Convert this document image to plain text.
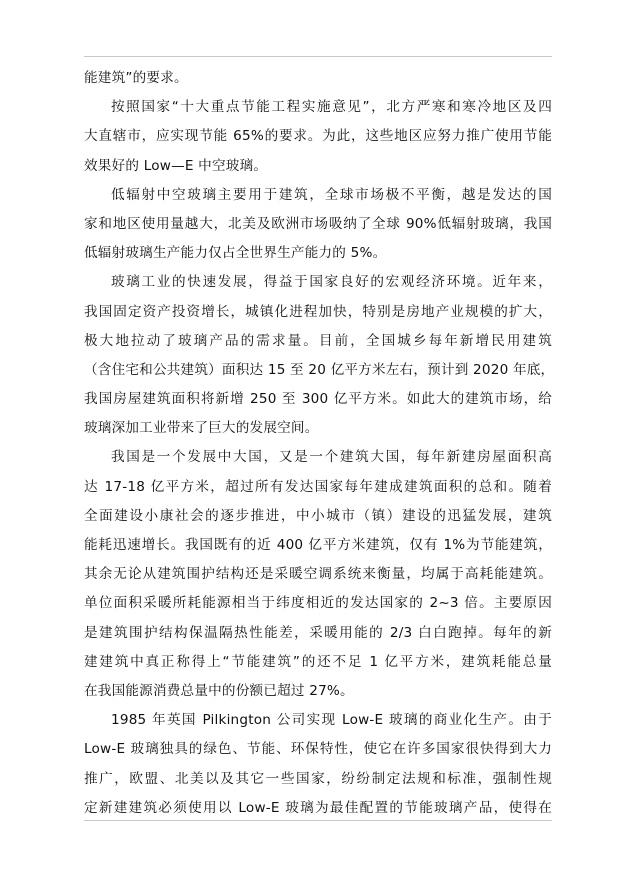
能建筑”的要求。
按照国家“十大重点节能工程实施意见”，北方严寒和寒冷地区及四
大直辖市，应实现节能 65%的要求。为此，这些地区应努力推广使用节能
效果好的 Low—E 中空玻璃。
低辐射中空玻璃主要用于建筑，全球市场极不平衡，越是发达的国
家和地区使用量越大，北美及欧洲市场吸纳了全球 90%低辐射玻璃，我国
低辐射玻璃生产能力仅占全世界生产能力的 5%。
玻璃工业的快速发展，得益于国家良好的宏观经济环境。近年来，
我国固定资产投资增长，城镇化进程加快，特别是房地产业规模的扩大，
极大地拉动了玻璃产品的需求量。目前，全国城乡每年新增民用建筑
（含住宅和公共建筑）面积达 15 至 20 亿平方米左右，预计到 2020 年底，
我国房屋建筑面积将新增 250 至 300 亿平方米。如此大的建筑市场，给
玻璃深加工业带来了巨大的发展空间。
我国是一个发展中大国，又是一个建筑大国，每年新建房屋面积高
达 17-18 亿平方米，超过所有发达国家每年建成建筑面积的总和。随着
全面建设小康社会的逐步推进，中小城市（镇）建设的迅猛发展，建筑
能耗迅速增长。我国既有的近 400 亿平方米建筑，仅有 1%为节能建筑，
其余无论从建筑围护结构还是采暖空调系统来衡量，均属于高耗能建筑。
单位面积采暖所耗能源相当于纬度相近的发达国家的 2~3 倍。主要原因
是建筑围护结构保温隔热性能差，采暖用能的 2/3 白白跑掉。每年的新
建建筑中真正称得上“节能建筑”的还不足 1 亿平方米，建筑耗能总量
在我国能源消费总量中的份额已超过 27%。
1985 年英国 Pilkington 公司实现 Low-E 玻璃的商业化生产。由于
Low-E 玻璃独具的绿色、节能、环保特性，使它在许多国家很快得到大力
推广，欧盟、北美以及其它一些国家，纷纷制定法规和标准，强制性规
定新建建筑必须使用以 Low-E 玻璃为最佳配置的节能玻璃产品，使得在
